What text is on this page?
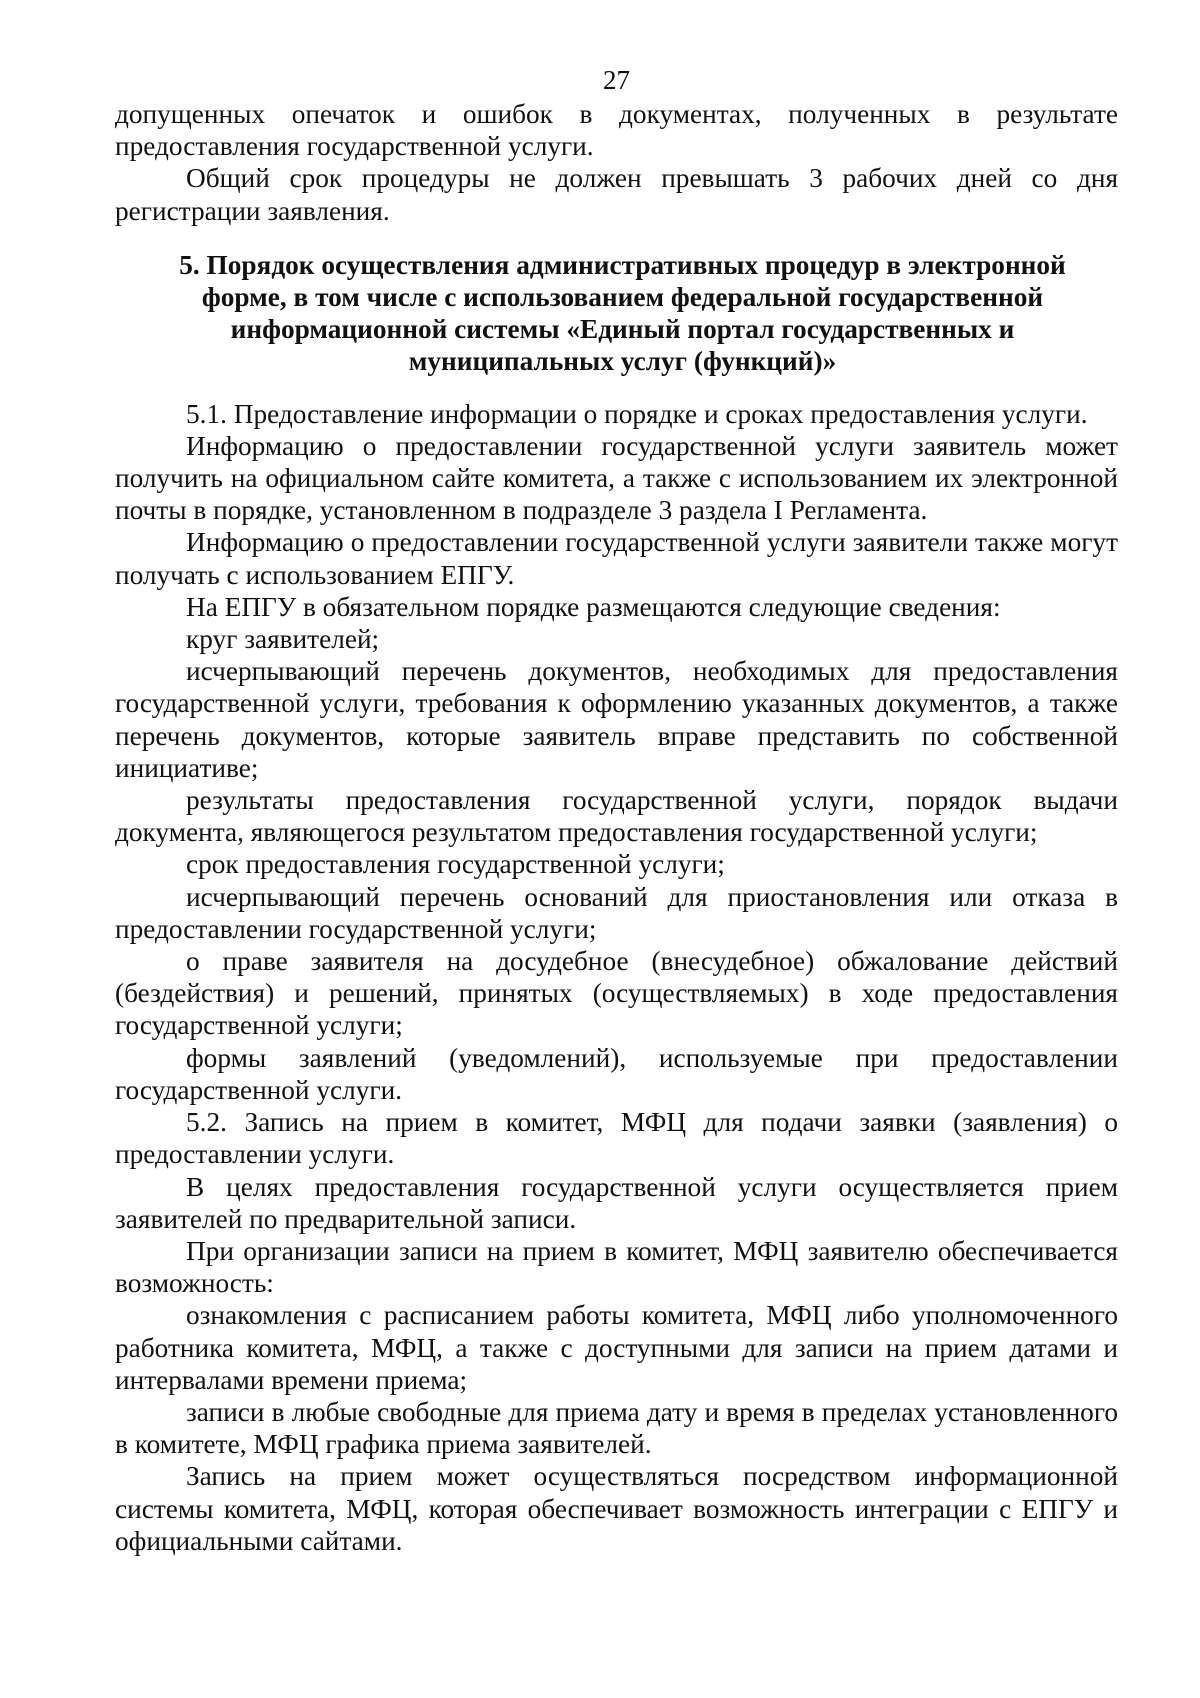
27

допущенных опечаток и ошибок в документах, полученных в результате предоставления государственной услуги.

Общий срок процедуры не должен превышать 3 рабочих дней со дня регистрации заявления.

5. Порядок осуществления административных процедур в электронной форме, в том числе с использованием федеральной государственной информационной системы «Единый портал государственных и муниципальных услуг (функций)»

5.1. Предоставление информации о порядке и сроках предоставления услуги.

Информацию о предоставлении государственной услуги заявитель может получить на официальном сайте комитета, а также с использованием их электронной почты в порядке, установленном в подразделе 3 раздела I Регламента.

Информацию о предоставлении государственной услуги заявители также могут получать с использованием ЕПГУ.

На ЕПГУ в обязательном порядке размещаются следующие сведения:

круг заявителей;

исчерпывающий перечень документов, необходимых для предоставления государственной услуги, требования к оформлению указанных документов, а также перечень документов, которые заявитель вправе представить по собственной инициативе;

результаты предоставления государственной услуги, порядок выдачи документа, являющегося результатом предоставления государственной услуги;

срок предоставления государственной услуги;

исчерпывающий перечень оснований для приостановления или отказа в предоставлении государственной услуги;

о праве заявителя на досудебное (внесудебное) обжалование действий (бездействия) и решений, принятых (осуществляемых) в ходе предоставления государственной услуги;

формы заявлений (уведомлений), используемые при предоставлении государственной услуги.

5.2. Запись на прием в комитет, МФЦ для подачи заявки (заявления) о предоставлении услуги.

В целях предоставления государственной услуги осуществляется прием заявителей по предварительной записи.

При организации записи на прием в комитет, МФЦ заявителю обеспечивается возможность:

ознакомления с расписанием работы комитета, МФЦ либо уполномоченного работника комитета, МФЦ, а также с доступными для записи на прием датами и интервалами времени приема;

записи в любые свободные для приема дату и время в пределах установленного в комитете, МФЦ графика приема заявителей.

Запись на прием может осуществляться посредством информационной системы комитета, МФЦ, которая обеспечивает возможность интеграции с ЕПГУ и официальными сайтами.
